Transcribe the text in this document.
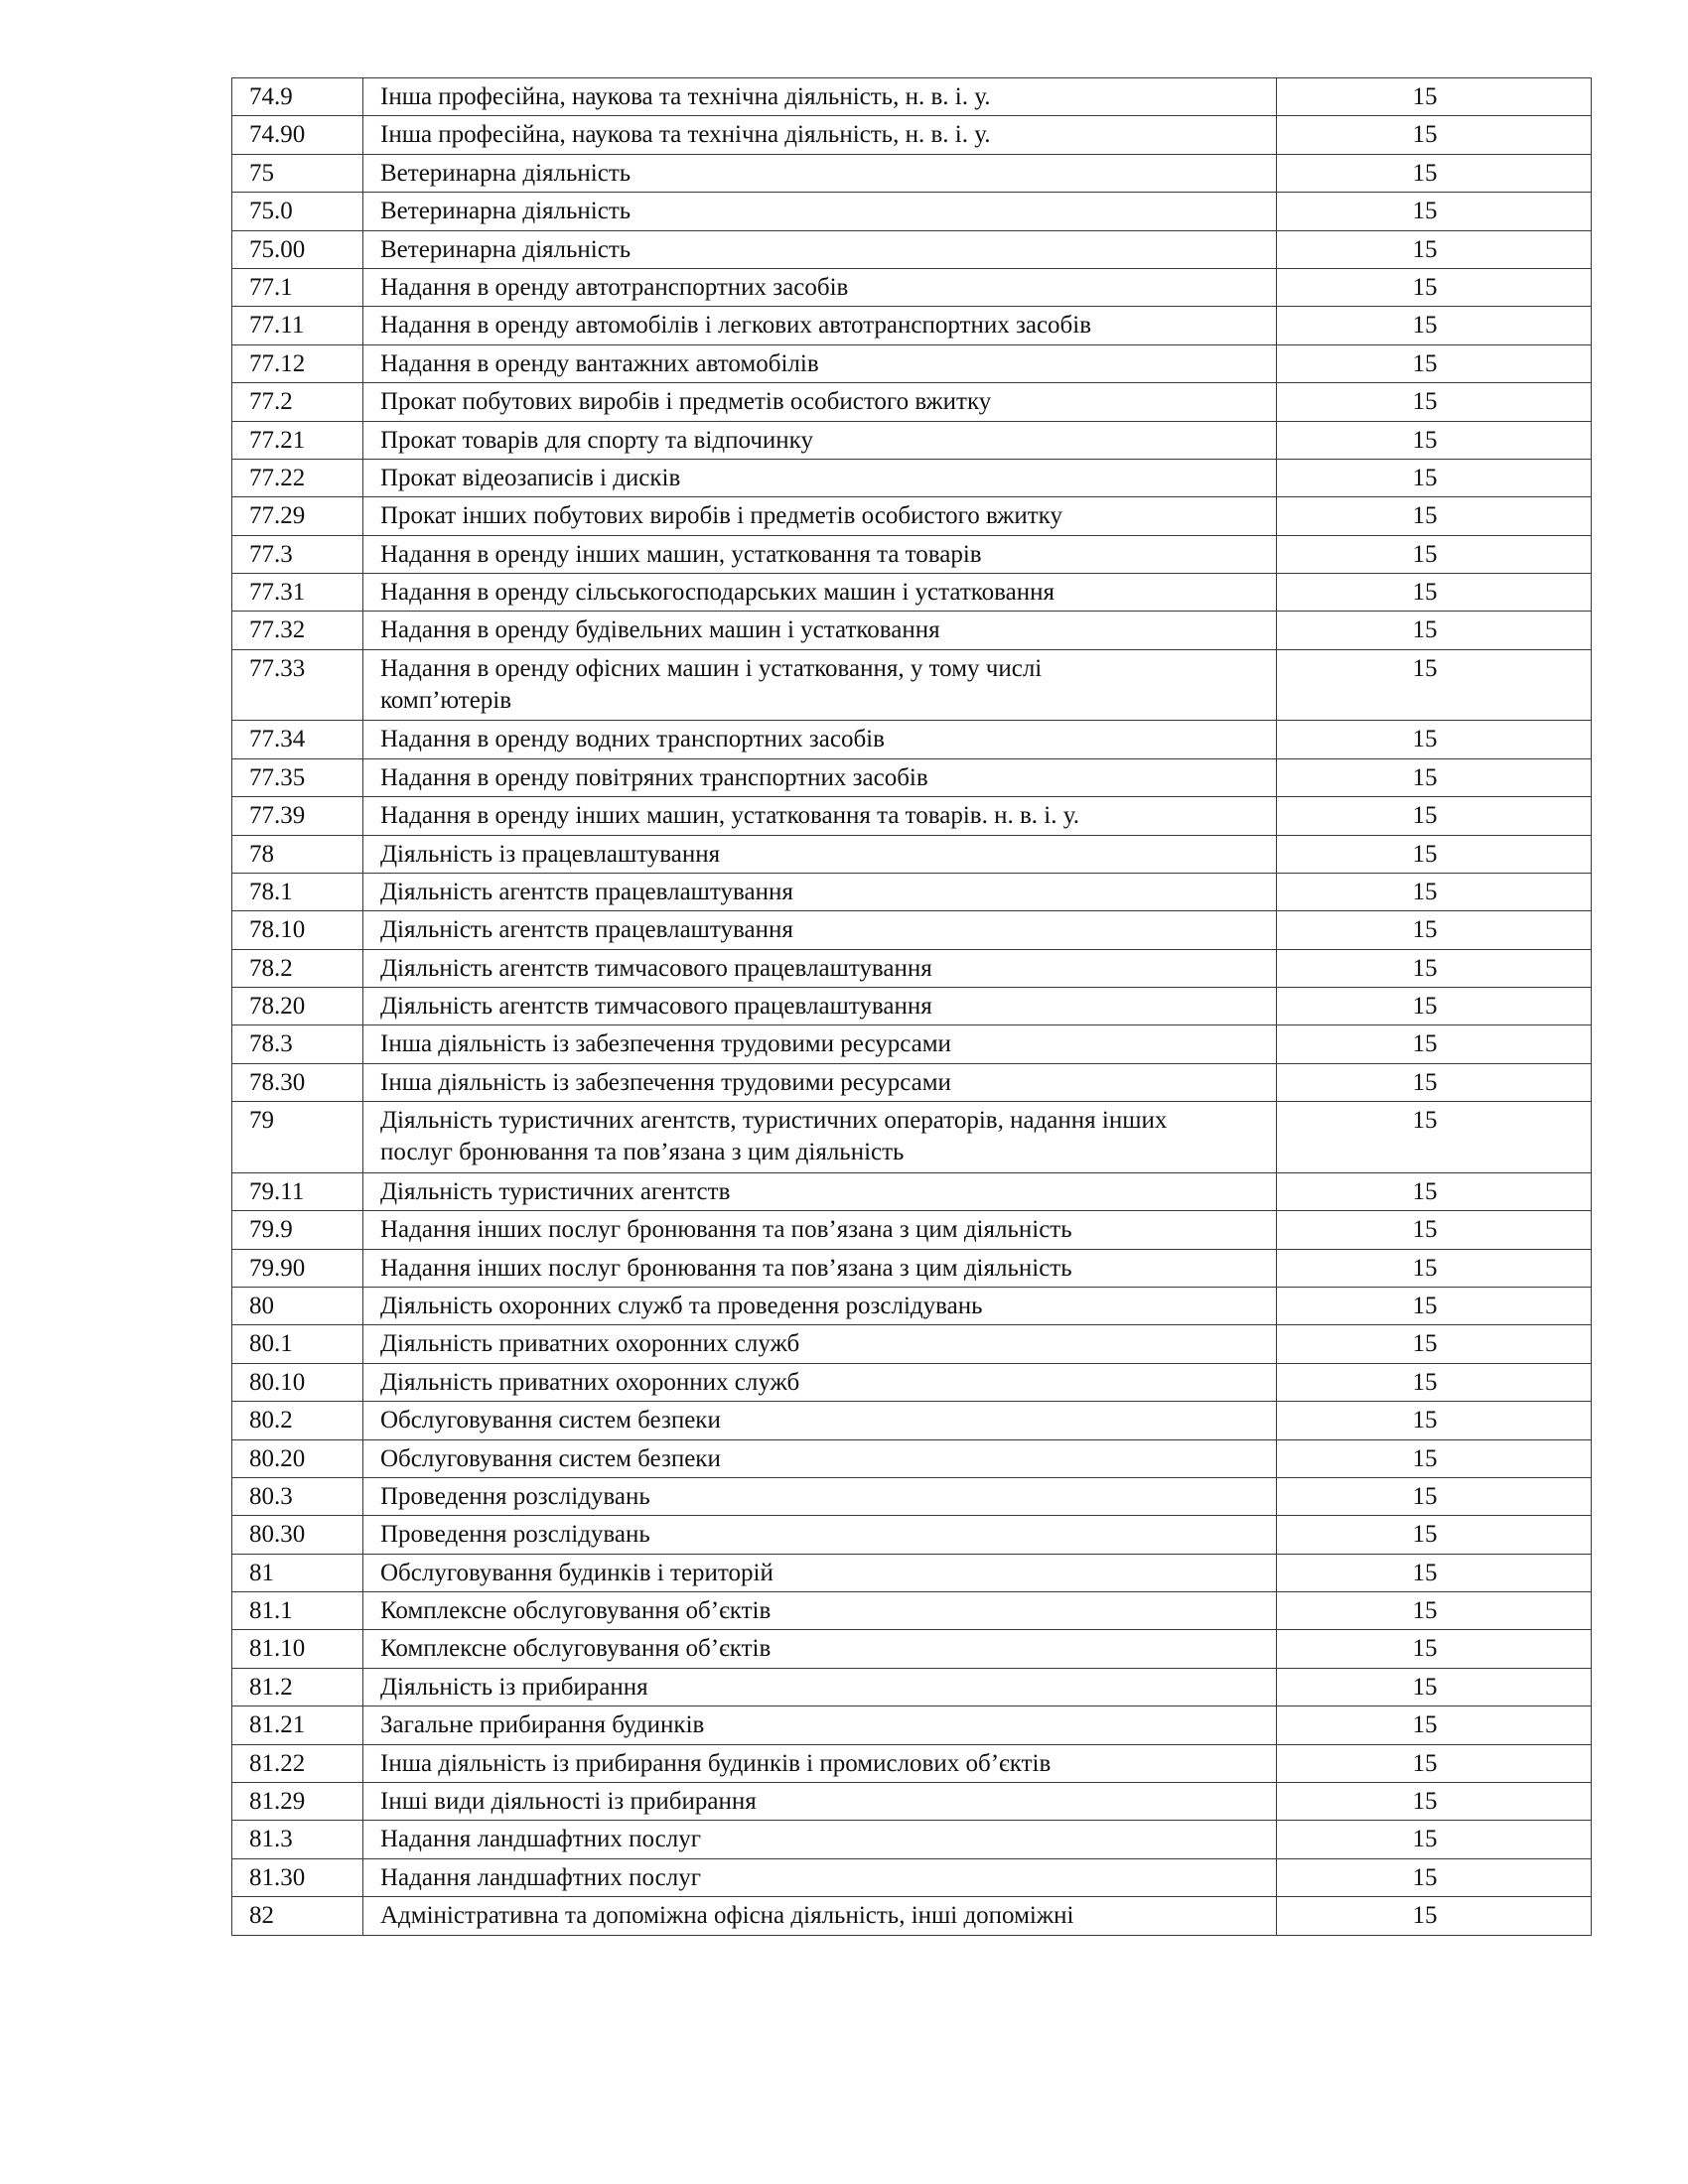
74.9	Інша професійна, наукова та технічна діяльність, н. в. і. у.	15
74.90	Інша професійна, наукова та технічна діяльність, н. в. і. у.	15
75	Ветеринарна діяльність	15
75.0	Ветеринарна діяльність	15
75.00	Ветеринарна діяльність	15
77.1	Надання в оренду автотранспортних засобів	15
77.11	Надання в оренду автомобілів і легкових автотранспортних засобів	15
77.12	Надання в оренду вантажних автомобілів	15
77.2	Прокат побутових виробів і предметів особистого вжитку	15
77.21	Прокат товарів для спорту та відпочинку	15
77.22	Прокат відеозаписів і дисків	15
77.29	Прокат інших побутових виробів і предметів особистого вжитку	15
77.3	Надання в оренду інших машин, устатковання та товарів	15
77.31	Надання в оренду сільськогосподарських машин і устатковання	15
77.32	Надання в оренду будівельних машин і устатковання	15
77.33	Надання в оренду офісних машин і устатковання, у тому числі
комп’ютерів	15
77.34	Надання в оренду водних транспортних засобів	15
77.35	Надання в оренду повітряних транспортних засобів	15
77.39	Надання в оренду інших машин, устатковання та товарів. н. в. і. у.	15
78	Діяльність із працевлаштування	15
78.1	Діяльність агентств працевлаштування	15
78.10	Діяльність агентств працевлаштування	15
78.2	Діяльність агентств тимчасового працевлаштування	15
78.20	Діяльність агентств тимчасового працевлаштування	15
78.3	Інша діяльність із забезпечення трудовими ресурсами	15
78.30	Інша діяльність із забезпечення трудовими ресурсами	15
79	Діяльність туристичних агентств, туристичних операторів, надання інших
послуг бронювання та пов’язана з цим діяльність	15
79.11	Діяльність туристичних агентств	15
79.9	Надання інших послуг бронювання та пов’язана з цим діяльність	15
79.90	Надання інших послуг бронювання та пов’язана з цим діяльність	15
80	Діяльність охоронних служб та проведення розслідувань	15
80.1	Діяльність приватних охоронних служб	15
80.10	Діяльність приватних охоронних служб	15
80.2	Обслуговування систем безпеки	15
80.20	Обслуговування систем безпеки	15
80.3	Проведення розслідувань	15
80.30	Проведення розслідувань	15
81	Обслуговування будинків і територій	15
81.1	Комплексне обслуговування об’єктів	15
81.10	Комплексне обслуговування об’єктів	15
81.2	Діяльність із прибирання	15
81.21	Загальне прибирання будинків	15
81.22	Інша діяльність із прибирання будинків і промислових об’єктів	15
81.29	Інші види діяльності із прибирання	15
81.3	Надання ландшафтних послуг	15
81.30	Надання ландшафтних послуг	15
82	Адміністративна та допоміжна офісна діяльність, інші допоміжні	15
